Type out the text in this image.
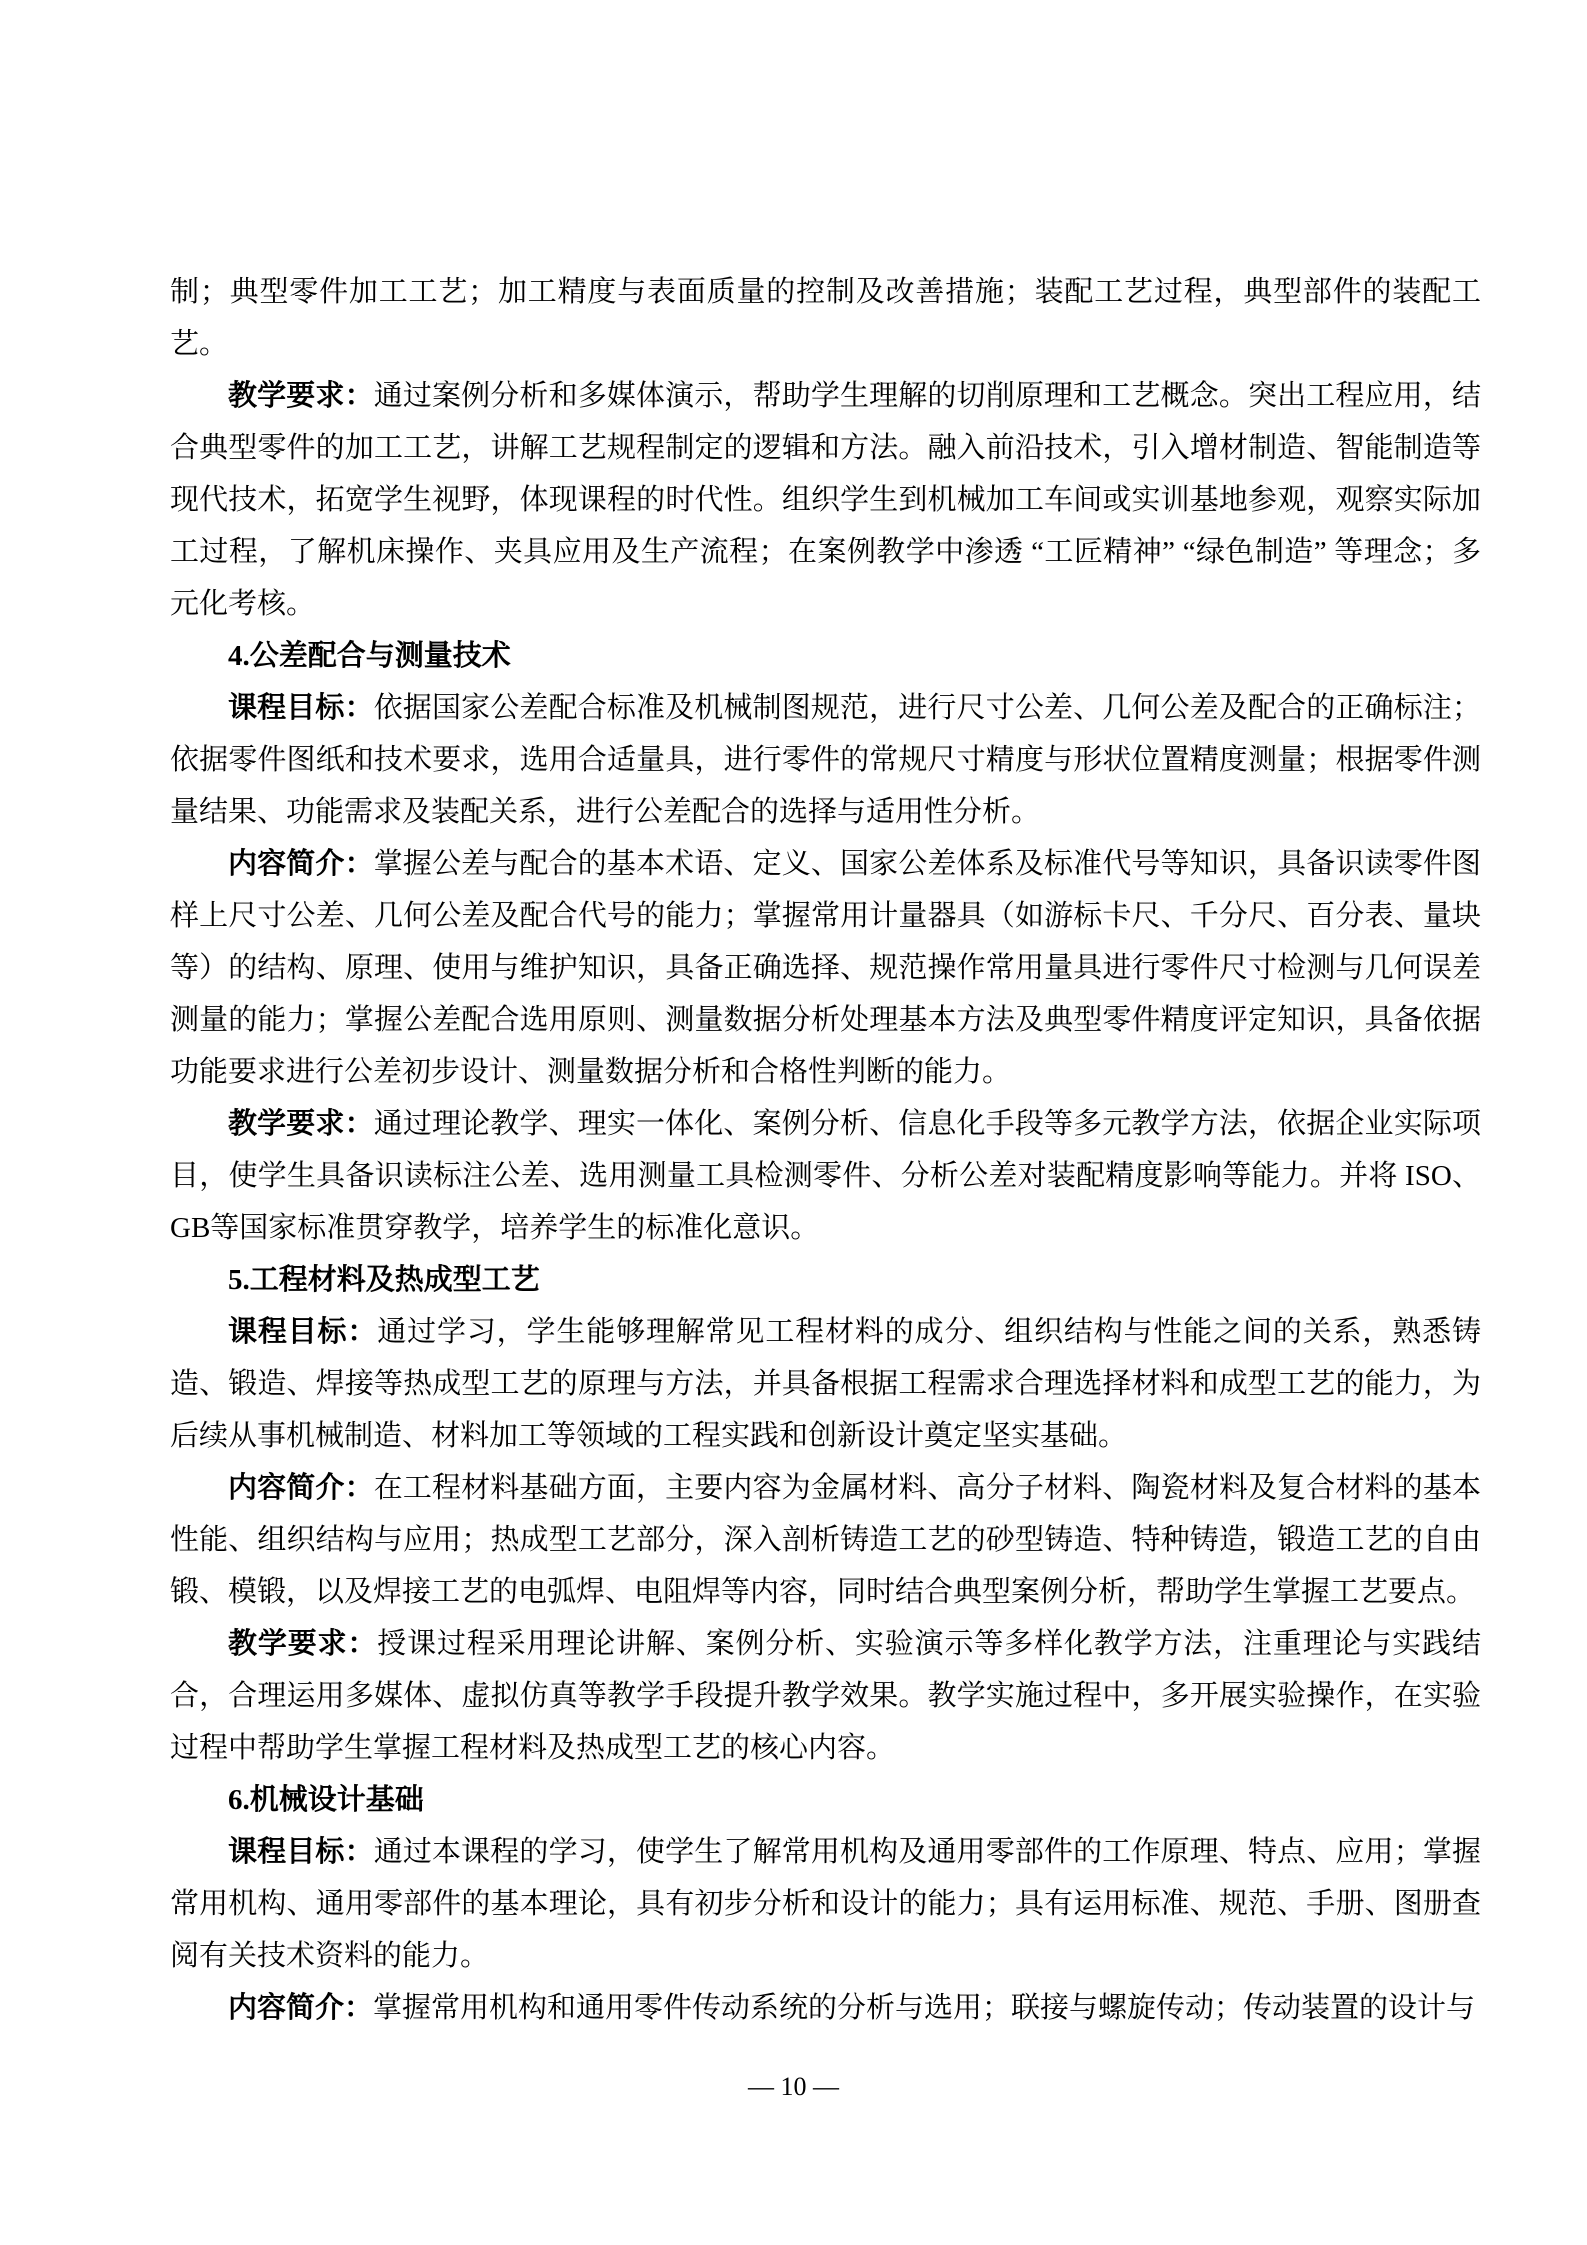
制；典型零件加工工艺；加工精度与表面质量的控制及改善措施；装配工艺过程，典型部件的装配工艺。

教学要求：通过案例分析和多媒体演示，帮助学生理解的切削原理和工艺概念。突出工程应用，结合典型零件的加工工艺，讲解工艺规程制定的逻辑和方法。融入前沿技术，引入增材制造、智能制造等现代技术，拓宽学生视野，体现课程的时代性。组织学生到机械加工车间或实训基地参观，观察实际加工过程，了解机床操作、夹具应用及生产流程；在案例教学中渗透 “工匠精神” “绿色制造” 等理念；多元化考核。

4.公差配合与测量技术

课程目标：依据国家公差配合标准及机械制图规范，进行尺寸公差、几何公差及配合的正确标注；依据零件图纸和技术要求，选用合适量具，进行零件的常规尺寸精度与形状位置精度测量；根据零件测量结果、功能需求及装配关系，进行公差配合的选择与适用性分析。

内容简介：掌握公差与配合的基本术语、定义、国家公差体系及标准代号等知识，具备识读零件图样上尺寸公差、几何公差及配合代号的能力；掌握常用计量器具（如游标卡尺、千分尺、百分表、量块等）的结构、原理、使用与维护知识，具备正确选择、规范操作常用量具进行零件尺寸检测与几何误差测量的能力；掌握公差配合选用原则、测量数据分析处理基本方法及典型零件精度评定知识，具备依据功能要求进行公差初步设计、测量数据分析和合格性判断的能力。

教学要求：通过理论教学、理实一体化、案例分析、信息化手段等多元教学方法，依据企业实际项目，使学生具备识读标注公差、选用测量工具检测零件、分析公差对装配精度影响等能力。并将 ISO、GB等国家标准贯穿教学，培养学生的标准化意识。

5.工程材料及热成型工艺

课程目标：通过学习，学生能够理解常见工程材料的成分、组织结构与性能之间的关系，熟悉铸造、锻造、焊接等热成型工艺的原理与方法，并具备根据工程需求合理选择材料和成型工艺的能力，为后续从事机械制造、材料加工等领域的工程实践和创新设计奠定坚实基础。

内容简介：在工程材料基础方面，主要内容为金属材料、高分子材料、陶瓷材料及复合材料的基本性能、组织结构与应用；热成型工艺部分，深入剖析铸造工艺的砂型铸造、特种铸造，锻造工艺的自由锻、模锻，以及焊接工艺的电弧焊、电阻焊等内容，同时结合典型案例分析，帮助学生掌握工艺要点。

教学要求：授课过程采用理论讲解、案例分析、实验演示等多样化教学方法，注重理论与实践结合，合理运用多媒体、虚拟仿真等教学手段提升教学效果。教学实施过程中，多开展实验操作，在实验过程中帮助学生掌握工程材料及热成型工艺的核心内容。

6.机械设计基础

课程目标：通过本课程的学习，使学生了解常用机构及通用零部件的工作原理、特点、应用；掌握常用机构、通用零部件的基本理论，具有初步分析和设计的能力；具有运用标准、规范、手册、图册查阅有关技术资料的能力。

内容简介：掌握常用机构和通用零件传动系统的分析与选用；联接与螺旋传动；传动装置的设计与

— 10 —
